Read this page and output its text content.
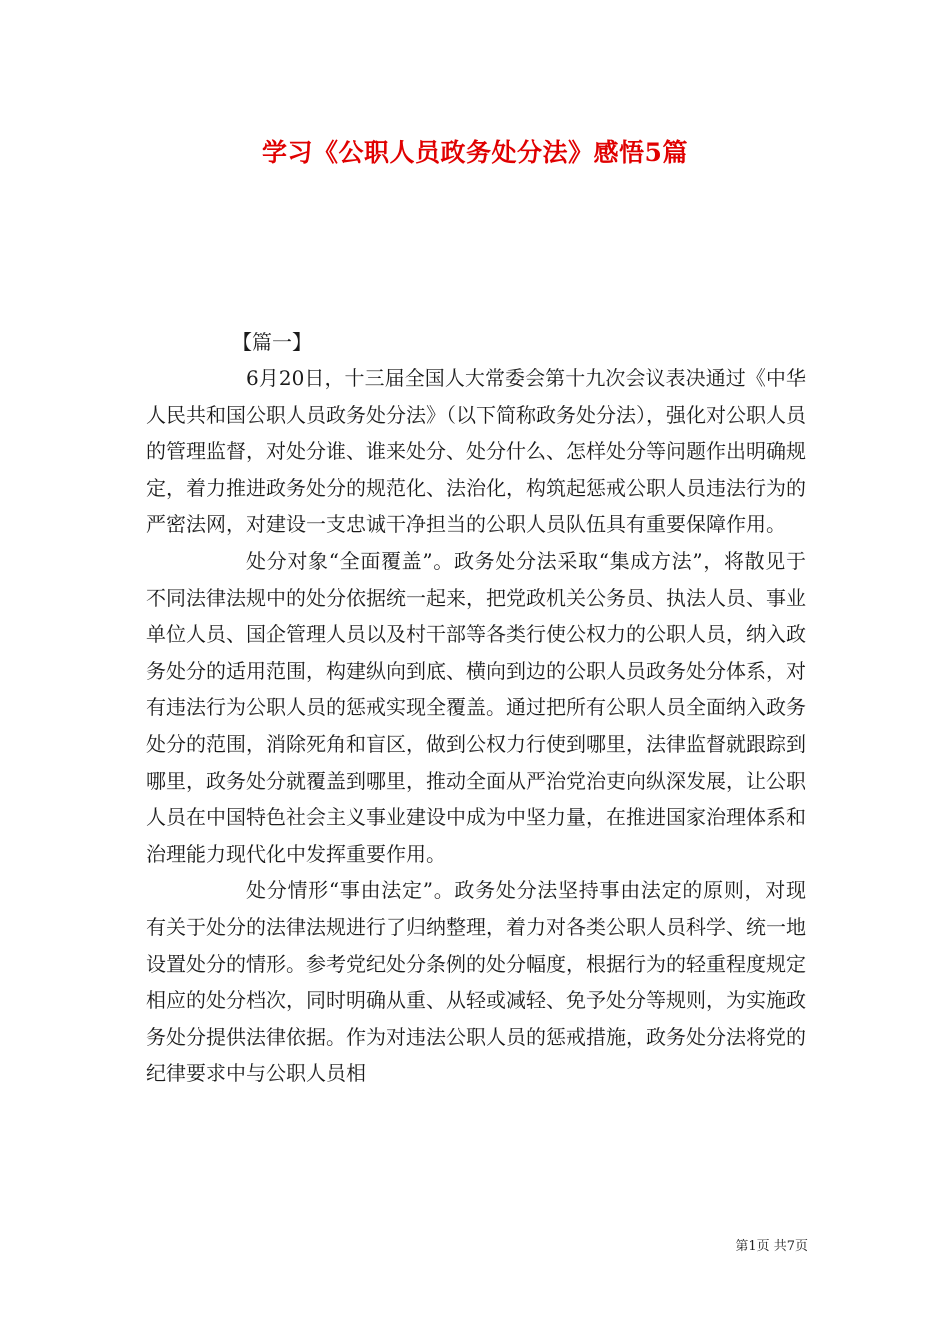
学习《公职人员政务处分法》感悟5篇
【篇一】

6月20日，十三届全国人大常委会第十九次会议表决通过《中华人民共和国公职人员政务处分法》（以下简称政务处分法），强化对公职人员的管理监督，对处分谁、谁来处分、处分什么、怎样处分等问题作出明确规定，着力推进政务处分的规范化、法治化，构筑起惩戒公职人员违法行为的严密法网，对建设一支忠诚干净担当的公职人员队伍具有重要保障作用。

处分对象“全面覆盖”。政务处分法采取“集成方法”，将散见于不同法律法规中的处分依据统一起来，把党政机关公务员、执法人员、事业单位人员、国企管理人员以及村干部等各类行使公权力的公职人员，纳入政务处分的适用范围，构建纵向到底、横向到边的公职人员政务处分体系，对有违法行为公职人员的惩戒实现全覆盖。通过把所有公职人员全面纳入政务处分的范围，消除死角和盲区，做到公权力行使到哪里，法律监督就跟踪到哪里，政务处分就覆盖到哪里，推动全面从严治党治吏向纵深发展，让公职人员在中国特色社会主义事业建设中成为中坚力量，在推进国家治理体系和治理能力现代化中发挥重要作用。

处分情形“事由法定”。政务处分法坚持事由法定的原则，对现有关于处分的法律法规进行了归纳整理，着力对各类公职人员科学、统一地设置处分的情形。参考党纪处分条例的处分幅度，根据行为的轻重程度规定相应的处分档次，同时明确从重、从轻或减轻、免予处分等规则，为实施政务处分提供法律依据。作为对违法公职人员的惩戒措施，政务处分法将党的纪律要求中与公职人员相

第1页 共7页
